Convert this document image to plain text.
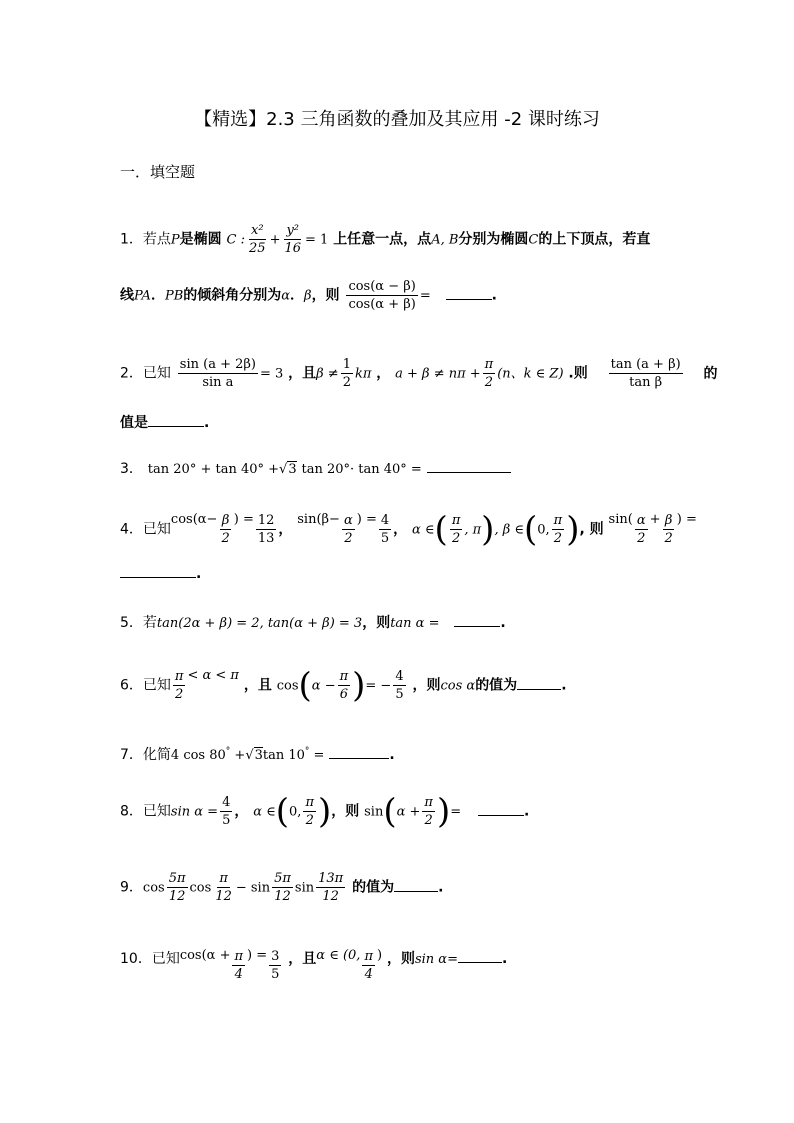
【精选】2.3 三角函数的叠加及其应用 -2 课时练习
一．填空题
1．若点P是椭圆 C : $\frac{\text{x²}}{25} + \frac{\text{y²}}{16} = 1$ 上任意一点，点A, B分别为椭圆C的上下顶点，若直
线PA．PB的倾斜角分别为α．β，则 $\frac{\cos(\alpha - \beta)}{\cos(\alpha + \beta)}$ =	.
2．已知 $\frac{\sin (a + 2\beta)}{\text{sin a}} = 3$ ，且$\beta \ne \frac{1}{2}$ kπ ， $a + \beta \ne n\pi + \frac{\pi}{2} (n$、k ∈ Z) .则 $\frac{\tan (a + \beta)}{\text{tan β}}$ 的
值是	.
3． tan 20° + tan 40° +√3 tan 20°· tan 40° =
4．已知$\cos(\alpha- \frac{\beta}{2}$ ) = $\frac{12}{13}$ ， $\sin(\beta- \frac{\alpha}{2}$ ) = $\frac{4}{5}$ ， α ∈( $\frac{\pi}{2}$ , π), β ∈(0, $\frac{\pi}{2}$ ), 则 $\sin( \frac{\alpha}{2} + \frac{\beta}{2}$ ) =
.
5．若tan(2α + β) = 2, tan(α + β) = 3，则tan α =	.
6．已知 $\frac{\pi}{2} < \alpha < \pi$ ，且 $\cos(\alpha - \frac{\pi}{6}$ )= − $\frac{4}{5}$ ，则cos α的值为	.
7．化简4 cos 80° +√3tan 10° =	.
8．已知$\sin \alpha = \frac{4}{5}$ ， α ∈(0, $\frac{\pi}{2}$ )，则 $\sin(\alpha + \frac{\pi}{2}$ )=	.
9．$\cos \frac{5\pi}{12}$ $\cos \frac{\pi}{12} - \sin \frac{5\pi}{12}$ $\sin \frac{13\pi}{12}$ 的值为	.
10．已知$\cos(\alpha + \frac{\pi}{4}$ ) = $\frac{3}{5}$ ，且α ∈ (0, $\frac{\pi}{4}$ ) ，则sin α=	.
